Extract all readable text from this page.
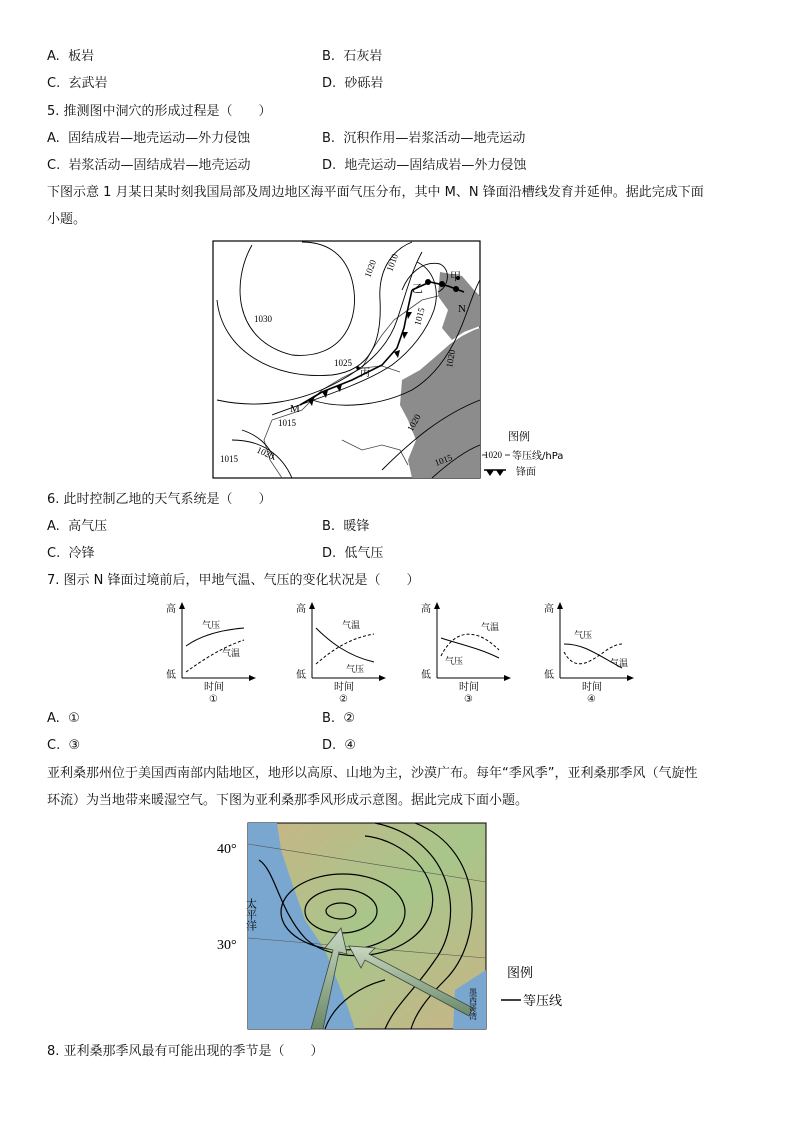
A. 板岩	B. 石灰岩
C. 玄武岩	D. 砂砾岩
5. 推测图中洞穴的形成过程是（　　）
A. 固结成岩—地壳运动—外力侵蚀	B. 沉积作用—岩浆活动—地壳运动
C. 岩浆活动—固结成岩—地壳运动	D. 地壳运动—固结成岩—外力侵蚀
下图示意 1 月某日某时刻我国局部及周边地区海平面气压分布，其中 M、N 锋面沿槽线发育并延伸。据此完成下面
小题。
1010
1020
1030	1015
1025	1020
1015
1020
1020
1015
1015
甲
乙
丙
M
N
图例
1020 等压线/hPa
锋面
6. 此时控制乙地的天气系统是（　　）
A. 高气压	B. 暖锋
C. 冷锋	D. 低气压
7. 图示 N 锋面过境前后，甲地气温、气压的变化状况是（　　）
高
低
时间
①
气压
气温
高
低
时间
②
气温
气压
高
低
时间
③
气温
气压
高
低
时间
④
气压
气温
A. ①	B. ②
C. ③	D. ④
亚利桑那州位于美国西南部内陆地区，地形以高原、山地为主，沙漠广布。每年“季风季”，亚利桑那季风（气旋性
环流）为当地带来暖湿空气。下图为亚利桑那季风形成示意图。据此完成下面小题。
40°
30°
太平洋
墨西哥湾
图例
等压线
8. 亚利桑那季风最有可能出现的季节是（　　）
